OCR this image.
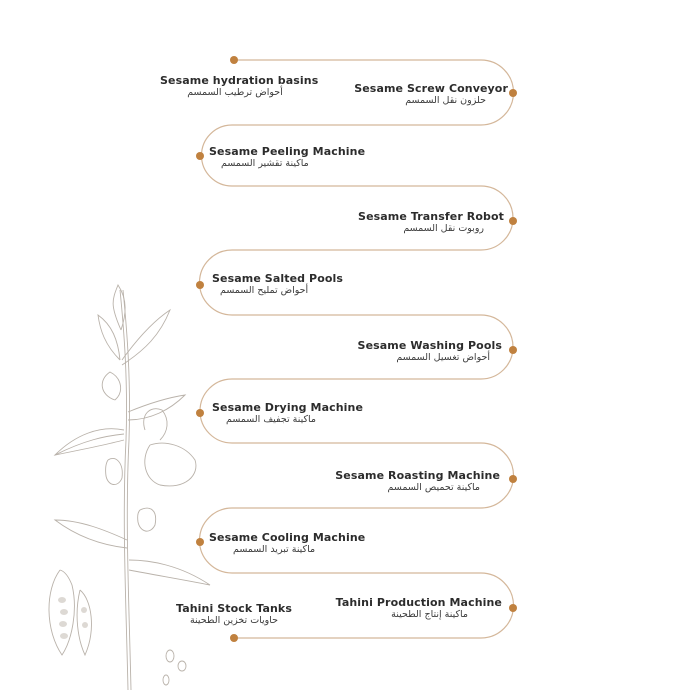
Sesame hydration basins
أحواض ترطيب السمسم	Sesame Screw Conveyor
حلزون نقل السمسم
Sesame Peeling Machine
ماكينة تقشير السمسم
Sesame Transfer Robot
روبوت نقل السمسم
Sesame Salted Pools
أحواض تمليح السمسم
Sesame Washing Pools
أحواض تغسيل السمسم
Sesame Drying Machine
ماكينة تجفيف السمسم
Sesame Roasting Machine
ماكينة تحميص السمسم
Sesame Cooling Machine
ماكينة تبريد السمسم
Tahini Production Machine
ماكينة إنتاج الطحينة
Tahini Stock Tanks
حاويات تخزين الطحينة
